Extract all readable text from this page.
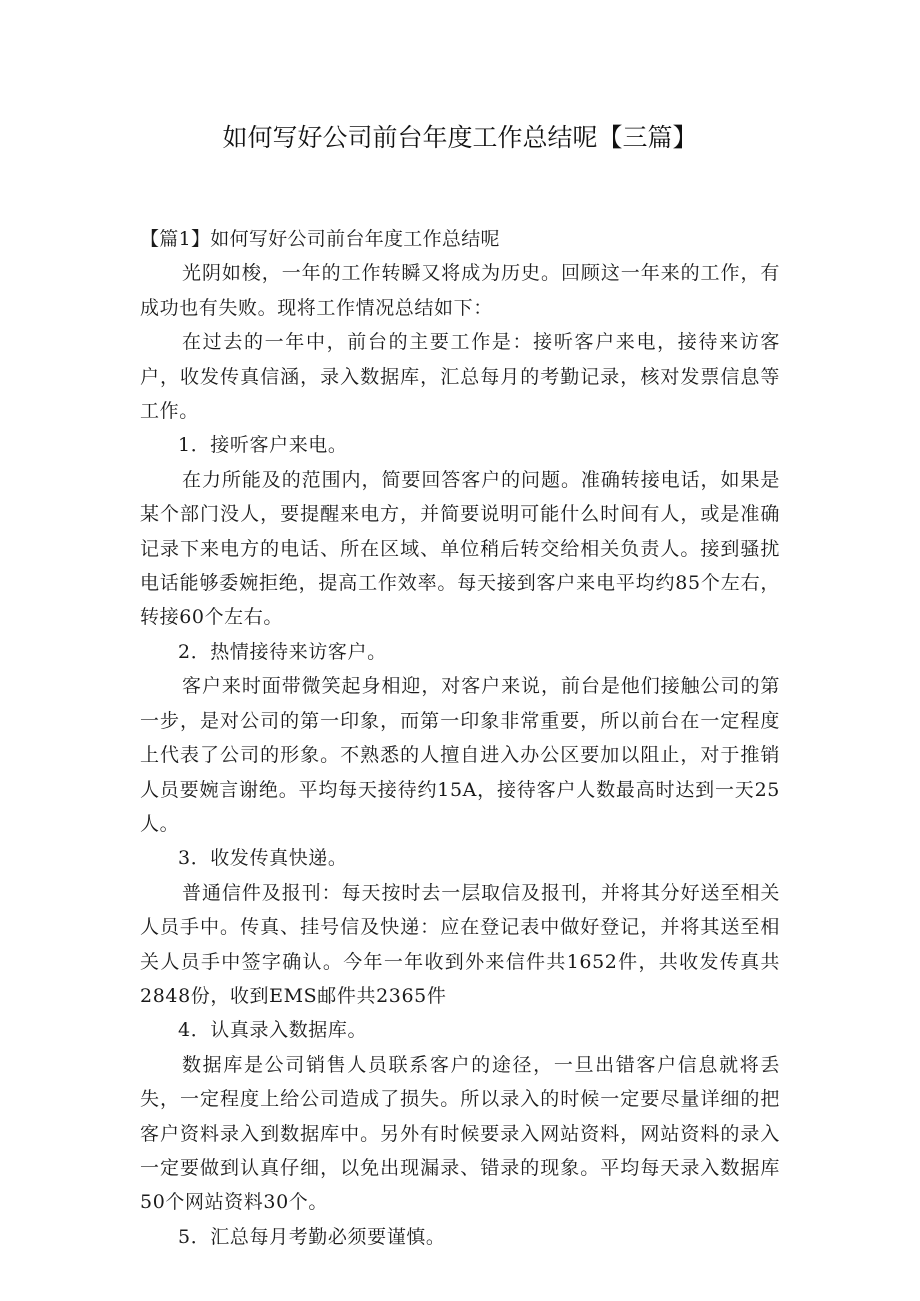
如何写好公司前台年度工作总结呢【三篇】

【篇1】如何写好公司前台年度工作总结呢

光阴如梭，一年的工作转瞬又将成为历史。回顾这一年来的工作，有成功也有失败。现将工作情况总结如下：

在过去的一年中，前台的主要工作是：接听客户来电，接待来访客户，收发传真信涵，录入数据库，汇总每月的考勤记录，核对发票信息等工作。

1．接听客户来电。

在力所能及的范围内，简要回答客户的问题。准确转接电话，如果是某个部门没人，要提醒来电方，并简要说明可能什么时间有人，或是准确记录下来电方的电话、所在区域、单位稍后转交给相关负责人。接到骚扰电话能够委婉拒绝，提高工作效率。每天接到客户来电平均约85个左右，转接60个左右。

2．热情接待来访客户。

客户来时面带微笑起身相迎，对客户来说，前台是他们接触公司的第一步，是对公司的第一印象，而第一印象非常重要，所以前台在一定程度上代表了公司的形象。不熟悉的人擅自进入办公区要加以阻止，对于推销人员要婉言谢绝。平均每天接待约15A，接待客户人数最高时达到一天25人。

3．收发传真快递。

普通信件及报刊：每天按时去一层取信及报刊，并将其分好送至相关人员手中。传真、挂号信及快递：应在登记表中做好登记，并将其送至相关人员手中签字确认。今年一年收到外来信件共1652件，共收发传真共2848份，收到EMS邮件共2365件

4．认真录入数据库。

数据库是公司销售人员联系客户的途径，一旦出错客户信息就将丢失，一定程度上给公司造成了损失。所以录入的时候一定要尽量详细的把客户资料录入到数据库中。另外有时候要录入网站资料，网站资料的录入一定要做到认真仔细，以免出现漏录、错录的现象。平均每天录入数据库50个网站资料30个。

5．汇总每月考勤必须要谨慎。
